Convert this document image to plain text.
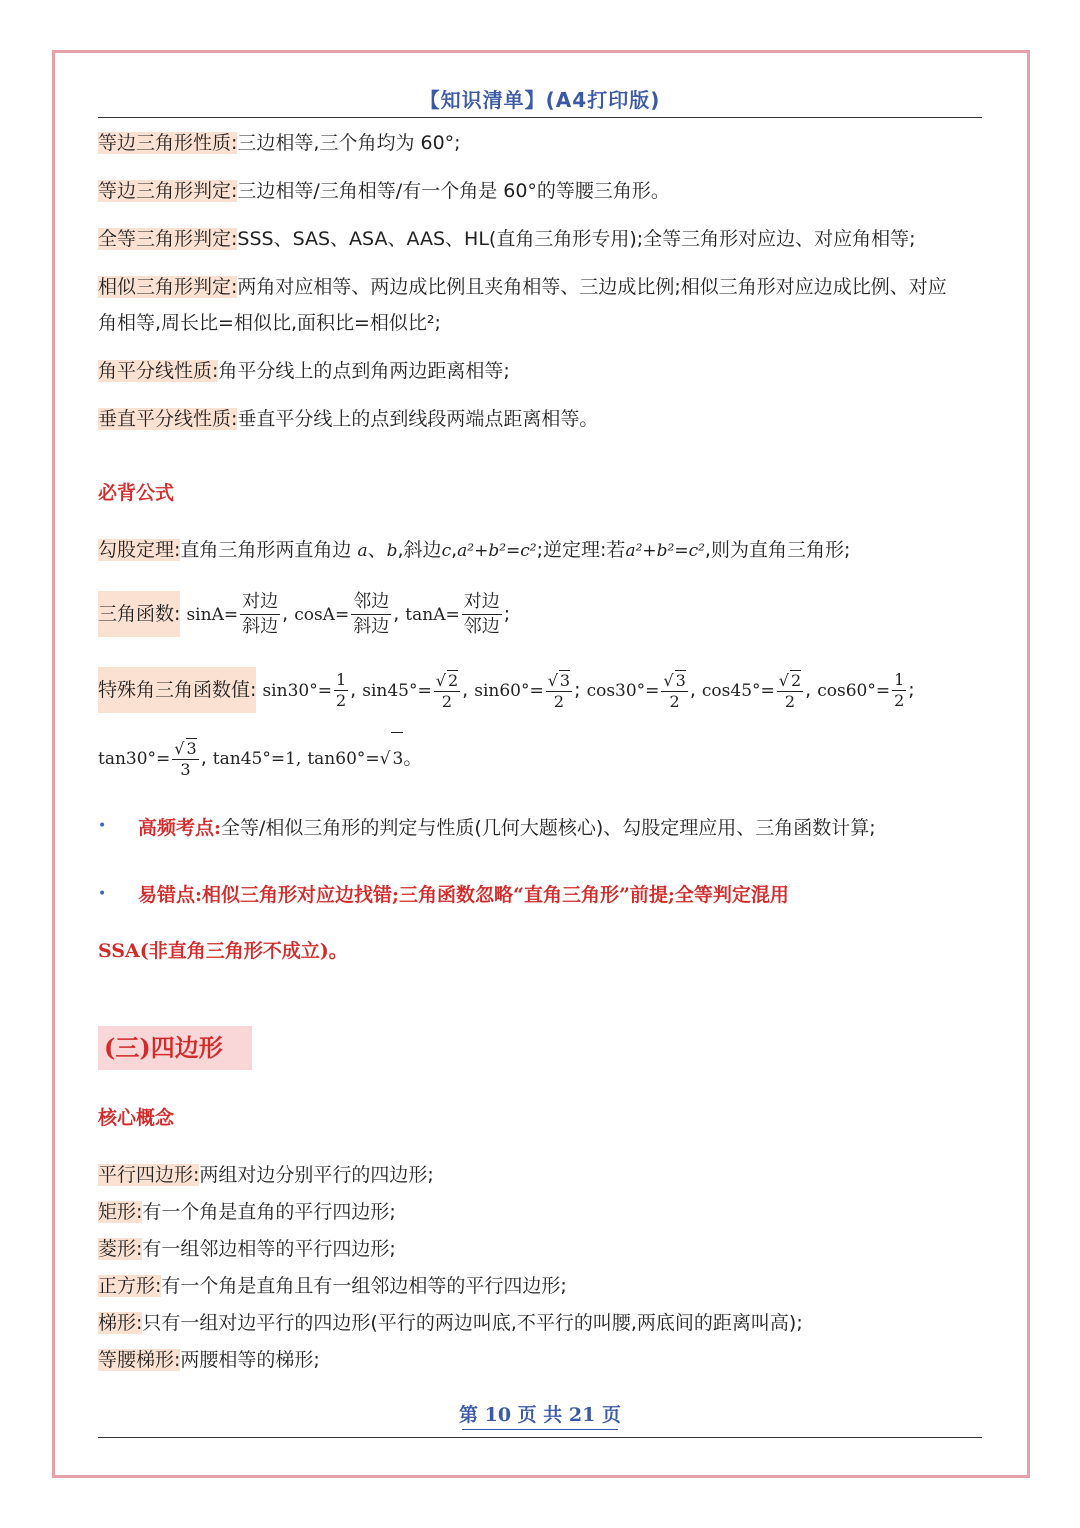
【知识清单】(A4打印版)
等边三角形性质:三边相等,三个角均为 60°;
等边三角形判定:三边相等/三角相等/有一个角是 60°的等腰三角形。
全等三角形判定:SSS、SAS、ASA、AAS、HL(直角三角形专用);全等三角形对应边、对应角相等;
相似三角形判定:两角对应相等、两边成比例且夹角相等、三边成比例;相似三角形对应边成比例、对应
角相等,周长比=相似比,面积比=相似比²;
角平分线性质:角平分线上的点到角两边距离相等;
垂直平分线性质:垂直平分线上的点到线段两端点距离相等。
必背公式
勾股定理:直角三角形两直角边 a、b,斜边c,a²+b²=c²;逆定理:若a²+b²=c²,则为直角三角形;
三角函数: $\sin A= \frac{\text{对边}}{\text{斜边}}$ , $\cos A= \frac{\text{邻边}}{\text{斜边}}$ , $\tan A= \frac{\text{对边}}{\text{邻边}}$ ;
特殊角三角函数值: $\sin 30^\circ= \frac{1}{2}$ , $\sin 45^\circ= \frac{√ 2}{2}$ , $\sin 60^\circ= \frac{√ 3}{2}$ ; $\cos 30^\circ= \frac{√ 3}{2}$ , $\cos 45^\circ= \frac{√ 2}{2}$ , $\cos 60^\circ= \frac{1}{2}$ ;
$\tan 30^\circ= \frac{√ 3}{3}$ , tan45°=1, tan60°=√ 3。
• 高频考点:全等/相似三角形的判定与性质(几何大题核心)、勾股定理应用、三角函数计算;
• 易错点:相似三角形对应边找错;三角函数忽略“直角三角形”前提;全等判定混用
SSA(非直角三角形不成立)。
(三)四边形
核心概念
平行四边形:两组对边分别平行的四边形;
矩形:有一个角是直角的平行四边形;
菱形:有一组邻边相等的平行四边形;
正方形:有一个角是直角且有一组邻边相等的平行四边形;
梯形:只有一组对边平行的四边形(平行的两边叫底,不平行的叫腰,两底间的距离叫高);
等腰梯形:两腰相等的梯形;
第 10 页 共 21 页
